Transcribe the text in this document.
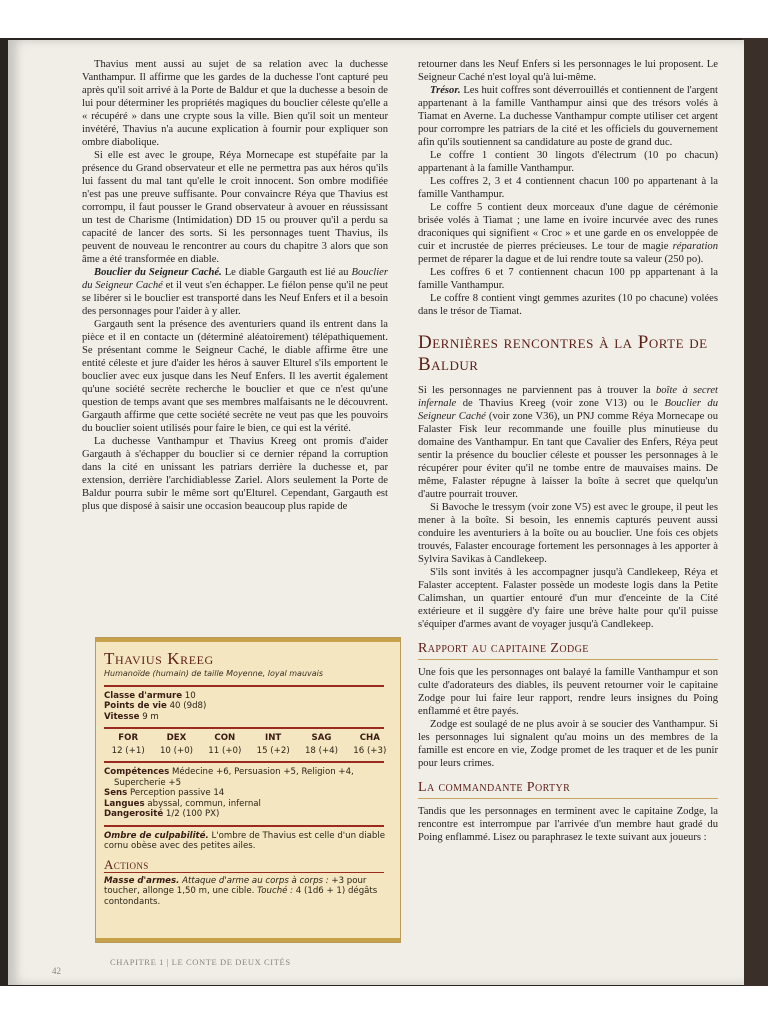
Thavius ment aussi au sujet de sa relation avec la duchesse Vanthampur. Il affirme que les gardes de la duchesse l'ont capturé peu après qu'il soit arrivé à la Porte de Baldur et que la duchesse a besoin de lui pour déterminer les propriétés magiques du bouclier céleste qu'elle a « récupéré » dans une crypte sous la ville. Bien qu'il soit un menteur invétéré, Thavius n'a aucune explication à fournir pour expliquer son ombre diabolique.

Si elle est avec le groupe, Réya Mornecape est stupéfaite par la présence du Grand observateur et elle ne permettra pas aux héros qu'ils lui fassent du mal tant qu'elle le croit innocent. Son ombre modifiée n'est pas une preuve suffisante. Pour convaincre Réya que Thavius est corrompu, il faut pousser le Grand observateur à avouer en réussissant un test de Charisme (Intimidation) DD 15 ou prouver qu'il a perdu sa capacité de lancer des sorts. Si les personnages tuent Thavius, ils peuvent de nouveau le rencontrer au cours du chapitre 3 alors que son âme a été transformée en diable.

Bouclier du Seigneur Caché. Le diable Gargauth est lié au Bouclier du Seigneur Caché et il veut s'en échapper. Le fiélon pense qu'il ne peut se libérer si le bouclier est transporté dans les Neuf Enfers et il a besoin des personnages pour l'aider à y aller.

Gargauth sent la présence des aventuriers quand ils entrent dans la pièce et il en contacte un (déterminé aléatoirement) télépathiquement. Se présentant comme le Seigneur Caché, le diable affirme être une entité céleste et jure d'aider les héros à sauver Elturel s'ils emportent le bouclier avec eux jusque dans les Neuf Enfers. Il les avertit également qu'une société secrète recherche le bouclier et que ce n'est qu'une question de temps avant que ses membres malfaisants ne le découvrent. Gargauth affirme que cette société secrète ne veut pas que les pouvoirs du bouclier soient utilisés pour faire le bien, ce qui est la vérité.

La duchesse Vanthampur et Thavius Kreeg ont promis d'aider Gargauth à s'échapper du bouclier si ce dernier répand la corruption dans la cité en unissant les patriars derrière la duchesse et, par extension, derrière l'archidiablesse Zariel. Alors seulement la Porte de Baldur pourra subir le même sort qu'Elturel. Cependant, Gargauth est plus que disposé à saisir une occasion beaucoup plus rapide de

retourner dans les Neuf Enfers si les personnages le lui proposent. Le Seigneur Caché n'est loyal qu'à lui-même.

Trésor. Les huit coffres sont déverrouillés et contiennent de l'argent appartenant à la famille Vanthampur ainsi que des trésors volés à Tiamat en Averne. La duchesse Vanthampur compte utiliser cet argent pour corrompre les patriars de la cité et les officiels du gouvernement afin qu'ils soutiennent sa candidature au poste de grand duc.

Le coffre 1 contient 30 lingots d'électrum (10 po chacun) appartenant à la famille Vanthampur.

Les coffres 2, 3 et 4 contiennent chacun 100 po appartenant à la famille Vanthampur.

Le coffre 5 contient deux morceaux d'une dague de cérémonie brisée volés à Tiamat ; une lame en ivoire incurvée avec des runes draconiques qui signifient « Croc » et une garde en os enveloppée de cuir et incrustée de pierres précieuses. Le tour de magie réparation permet de réparer la dague et de lui rendre toute sa valeur (250 po).

Les coffres 6 et 7 contiennent chacun 100 pp appartenant à la famille Vanthampur.

Le coffre 8 contient vingt gemmes azurites (10 po chacune) volées dans le trésor de Tiamat.

Dernières rencontres à la Porte de Baldur

Si les personnages ne parviennent pas à trouver la boîte à secret infernale de Thavius Kreeg (voir zone V13) ou le Bouclier du Seigneur Caché (voir zone V36), un PNJ comme Réya Mornecape ou Falaster Fisk leur recommande une fouille plus minutieuse du domaine des Vanthampur. En tant que Cavalier des Enfers, Réya peut sentir la présence du bouclier céleste et pousser les personnages à le récupérer pour éviter qu'il ne tombe entre de mauvaises mains. De même, Falaster répugne à laisser la boîte à secret que quelqu'un d'autre pourrait trouver.

Si Bavoche le tressym (voir zone V5) est avec le groupe, il peut les mener à la boîte. Si besoin, les ennemis capturés peuvent aussi conduire les aventuriers à la boîte ou au bouclier. Une fois ces objets trouvés, Falaster encourage fortement les personnages à les apporter à Sylvira Savikas à Candlekeep.

S'ils sont invités à les accompagner jusqu'à Candlekeep, Réya et Falaster acceptent. Falaster possède un modeste logis dans la Petite Calimshan, un quartier entouré d'un mur d'enceinte de la Cité extérieure et il suggère d'y faire une brève halte pour qu'il puisse s'équiper d'armes avant de voyager jusqu'à Candlekeep.

Rapport au capitaine Zodge

Une fois que les personnages ont balayé la famille Vanthampur et son culte d'adorateurs des diables, ils peuvent retourner voir le capitaine Zodge pour lui faire leur rapport, rendre leurs insignes du Poing enflammé et être payés.

Zodge est soulagé de ne plus avoir à se soucier des Vanthampur. Si les personnages lui signalent qu'au moins un des membres de la famille est encore en vie, Zodge promet de les traquer et de les punir pour leurs crimes.

La commandante Portyr

Tandis que les personnages en terminent avec le capitaine Zodge, la rencontre est interrompue par l'arrivée d'un membre haut gradé du Poing enflammé. Lisez ou paraphrasez le texte suivant aux joueurs :

Thavius Kreeg
Humanoïde (humain) de taille Moyenne, loyal mauvais
Classe d'armure 10
Points de vie 40 (9d8)
Vitesse 9 m
FOR	DEX	CON	INT	SAG	CHA
12 (+1)	10 (+0)	11 (+0)	15 (+2)	18 (+4)	16 (+3)
Compétences Médecine +6, Persuasion +5, Religion +4, Supercherie +5
Sens Perception passive 14
Langues abyssal, commun, infernal
Dangerosité 1/2 (100 PX)
Ombre de culpabilité. L'ombre de Thavius est celle d'un diable cornu obèse avec des petites ailes.
Actions
Masse d'armes. Attaque d'arme au corps à corps : +3 pour toucher, allonge 1,50 m, une cible. Touché : 4 (1d6 + 1) dégâts contondants.
CHAPITRE 1 | LE CONTE DE DEUX CITÉS
42
